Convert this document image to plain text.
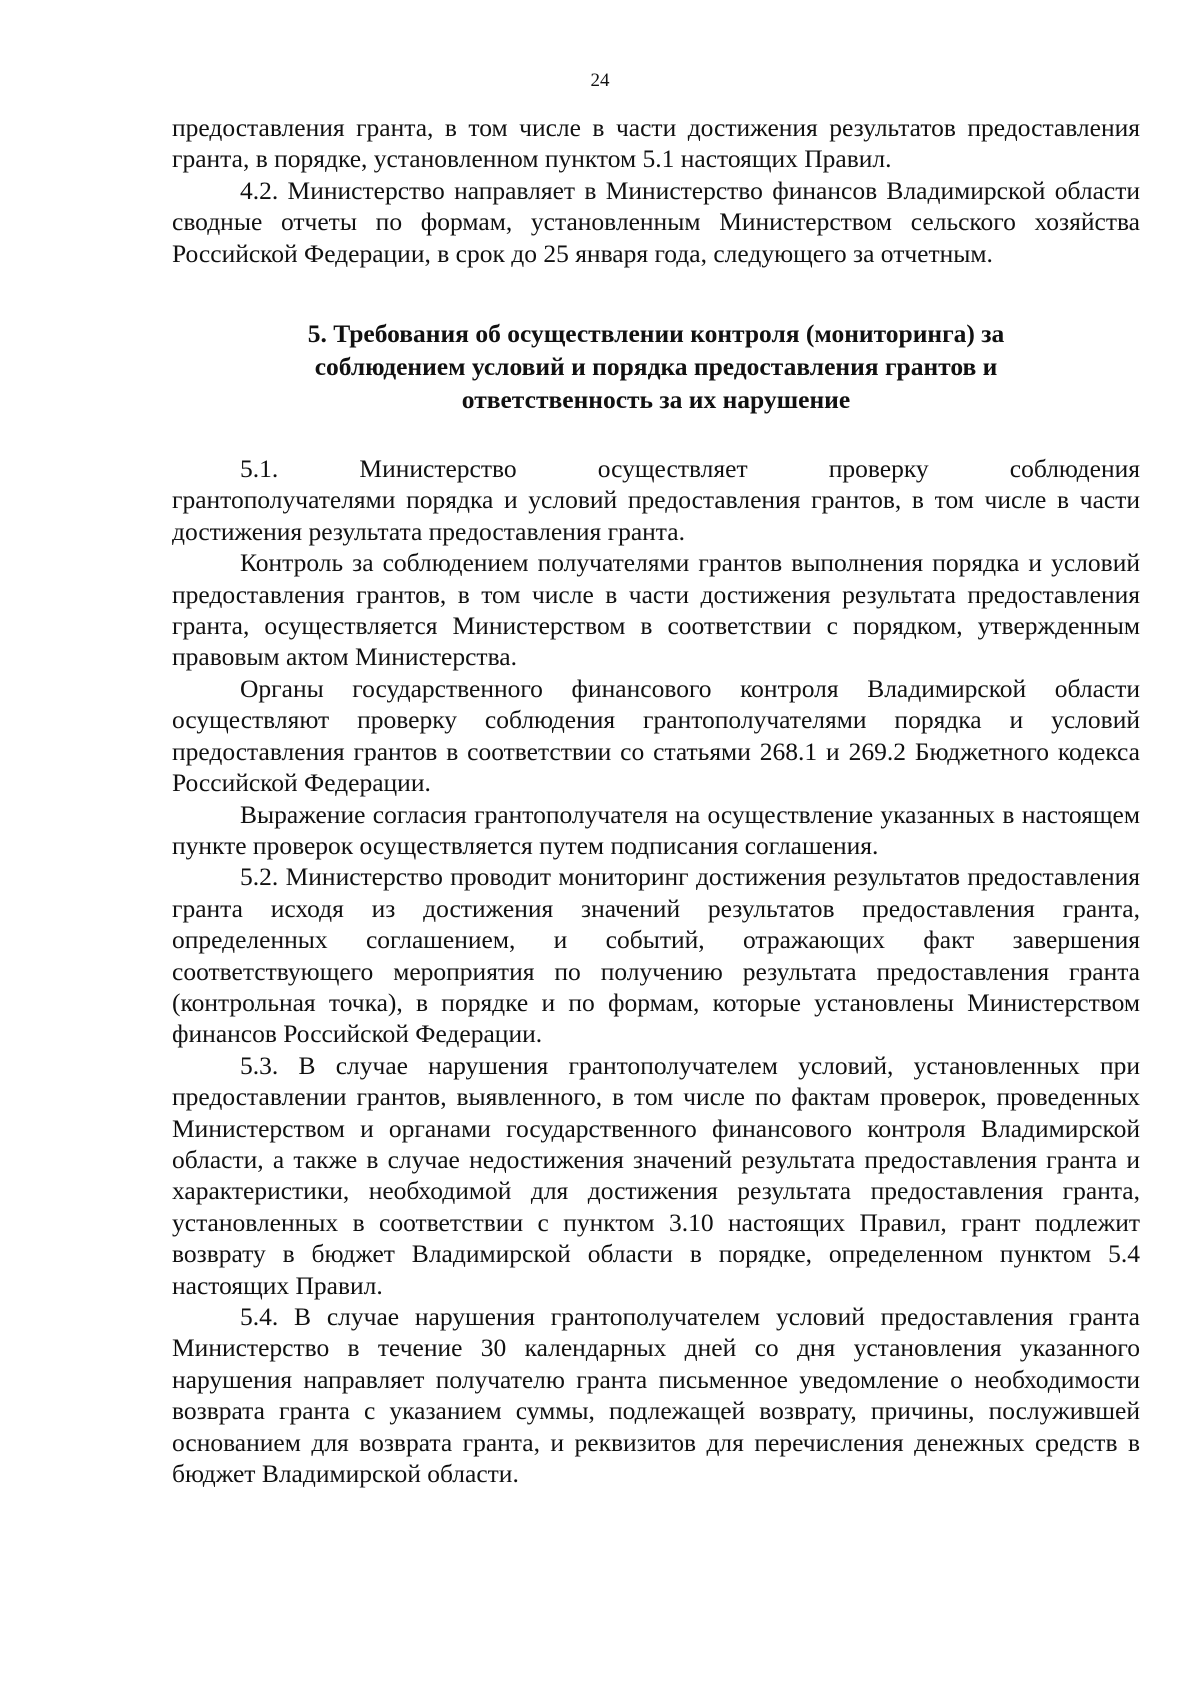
24

предоставления гранта, в том числе в части достижения результатов предоставления гранта, в порядке, установленном пунктом 5.1 настоящих Правил.

4.2. Министерство направляет в Министерство финансов Владимирской области сводные отчеты по формам, установленным Министерством сельского хозяйства Российской Федерации, в срок до 25 января года, следующего за отчетным.

5. Требования об осуществлении контроля (мониторинга) за
соблюдением условий и порядка предоставления грантов и
ответственность за их нарушение
5.1.	Министерство	осуществляет	проверку	соблюдения

грантополучателями порядка и условий предоставления грантов, в том числе в части достижения результата предоставления гранта.

Контроль за соблюдением получателями грантов выполнения порядка и условий предоставления грантов, в том числе в части достижения результата предоставления гранта, осуществляется Министерством в соответствии с порядком, утвержденным правовым актом Министерства.

Органы государственного финансового контроля Владимирской области осуществляют проверку соблюдения грантополучателями порядка и условий предоставления грантов в соответствии со статьями 268.1 и 269.2 Бюджетного кодекса Российской Федерации.

Выражение согласия грантополучателя на осуществление указанных в настоящем пункте проверок осуществляется путем подписания соглашения.

5.2. Министерство проводит мониторинг достижения результатов предоставления гранта исходя из достижения значений результатов предоставления гранта, определенных соглашением, и событий, отражающих факт завершения соответствующего мероприятия по получению результата предоставления гранта (контрольная точка), в порядке и по формам, которые установлены Министерством финансов Российской Федерации.

5.3. В случае нарушения грантополучателем условий, установленных при предоставлении грантов, выявленного, в том числе по фактам проверок, проведенных Министерством и органами государственного финансового контроля Владимирской области, а также в случае недостижения значений результата предоставления гранта и характеристики, необходимой для достижения результата предоставления гранта, установленных в соответствии с пунктом 3.10 настоящих Правил, грант подлежит возврату в бюджет Владимирской области в порядке, определенном пунктом 5.4 настоящих Правил.

5.4. В случае нарушения грантополучателем условий предоставления гранта Министерство в течение 30 календарных дней со дня установления указанного нарушения направляет получателю гранта письменное уведомление о необходимости возврата гранта с указанием суммы, подлежащей возврату, причины, послужившей основанием для возврата гранта, и реквизитов для перечисления денежных средств в бюджет Владимирской области.
